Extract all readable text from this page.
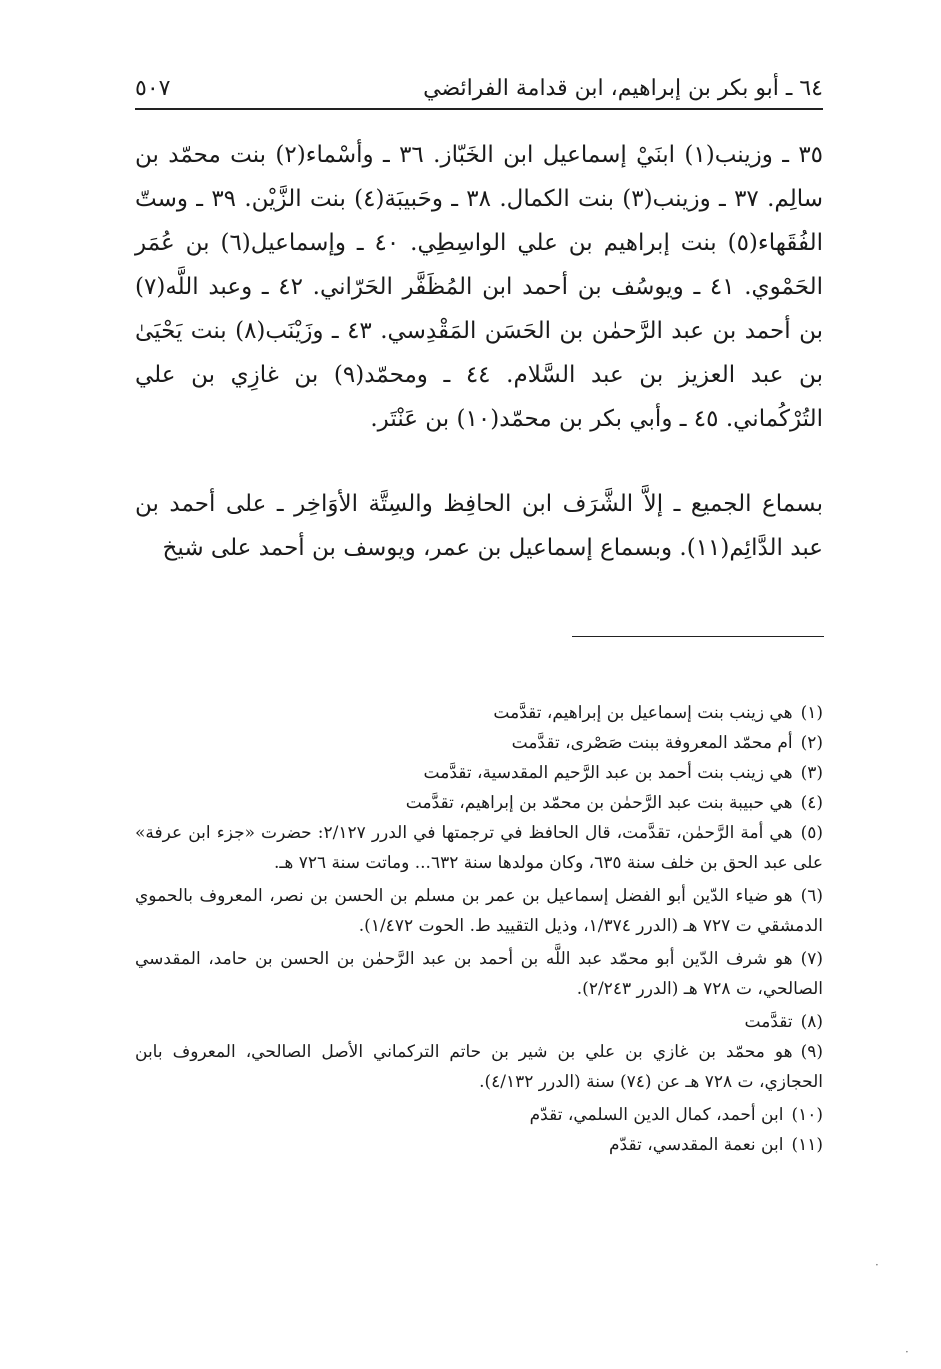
٦٤ ـ أبو بكر بن إبراهيم، ابن قدامة الفرائضي
٥٠٧

٣٥ ـ وزينب(١) ابنَيْ إسماعيل ابن الخَبّاز. ٣٦ ـ وأسْماء(٢) بنت محمّد بن سالِم. ٣٧ ـ وزينب(٣) بنت الكمال. ٣٨ ـ وحَبيبَة(٤) بنت الزَّيْن. ٣٩ ـ وستّ الفُقَهاء(٥) بنت إبراهيم بن علي الواسِطِي. ٤٠ ـ وإسماعيل(٦) بن عُمَر الحَمْوي. ٤١ ـ ويوسُف بن أحمد ابن المُظَفَّر الحَرّاني. ٤٢ ـ وعبد اللَّه(٧) بن أحمد بن عبد الرَّحمٰن بن الحَسَن المَقْدِسي. ٤٣ ـ وزَيْنَب(٨) بنت يَحْيَىٰ بن عبد العزيز بن عبد السَّلام. ٤٤ ـ ومحمّد(٩) بن غازِي بن علي التُرْكُماني. ٤٥ ـ وأبي بكر بن محمّد(١٠) بن عَنْتَر.

بسماع الجميع ـ إلاَّ الشَّرَف ابن الحافِظ والسِتَّة الأوَاخِر ـ على أحمد بن عبد الدَّائِم(١١). وبسماع إسماعيل بن عمر، ويوسف بن أحمد على شيخ

(١)هي زينب بنت إسماعيل بن إبراهيم، تقدَّمت

(٢)أم محمّد المعروفة ببنت صَصْرى، تقدَّمت

(٣)هي زينب بنت أحمد بن عبد الرَّحيم المقدسية، تقدَّمت

(٤)هي حبيبة بنت عبد الرَّحمٰن بن محمّد بن إبراهيم، تقدَّمت

(٥)هي أمة الرَّحمٰن، تقدَّمت، قال الحافظ في ترجمتها في الدرر ٢/١٢٧: حضرت «جزء ابن عرفة» على عبد الحق بن خلف سنة ٦٣٥، وكان مولدها سنة ٦٣٢... وماتت سنة ٧٢٦ هـ.

(٦)هو ضياء الدّين أبو الفضل إسماعيل بن عمر بن مسلم بن الحسن بن نصر، المعروف بالحموي الدمشقي ت ٧٢٧ هـ (الدرر ١/٣٧٤، وذيل التقييد ط. الحوت ١/٤٧٢).

(٧)هو شرف الدّين أبو محمّد عبد اللَّه بن أحمد بن عبد الرَّحمٰن بن الحسن بن حامد، المقدسي الصالحي، ت ٧٢٨ هـ (الدرر ٢/٢٤٣).

(٨)تقدَّمت

(٩)هو محمّد بن غازي بن علي بن شير بن حاتم التركماني الأصل الصالحي، المعروف بابن الحجازي، ت ٧٢٨ هـ عن (٧٤) سنة (الدرر ٤/١٣٢).

(١٠)ابن أحمد، كمال الدين السلمي، تقدّم

(١١)ابن نعمة المقدسي، تقدّم

·
·
